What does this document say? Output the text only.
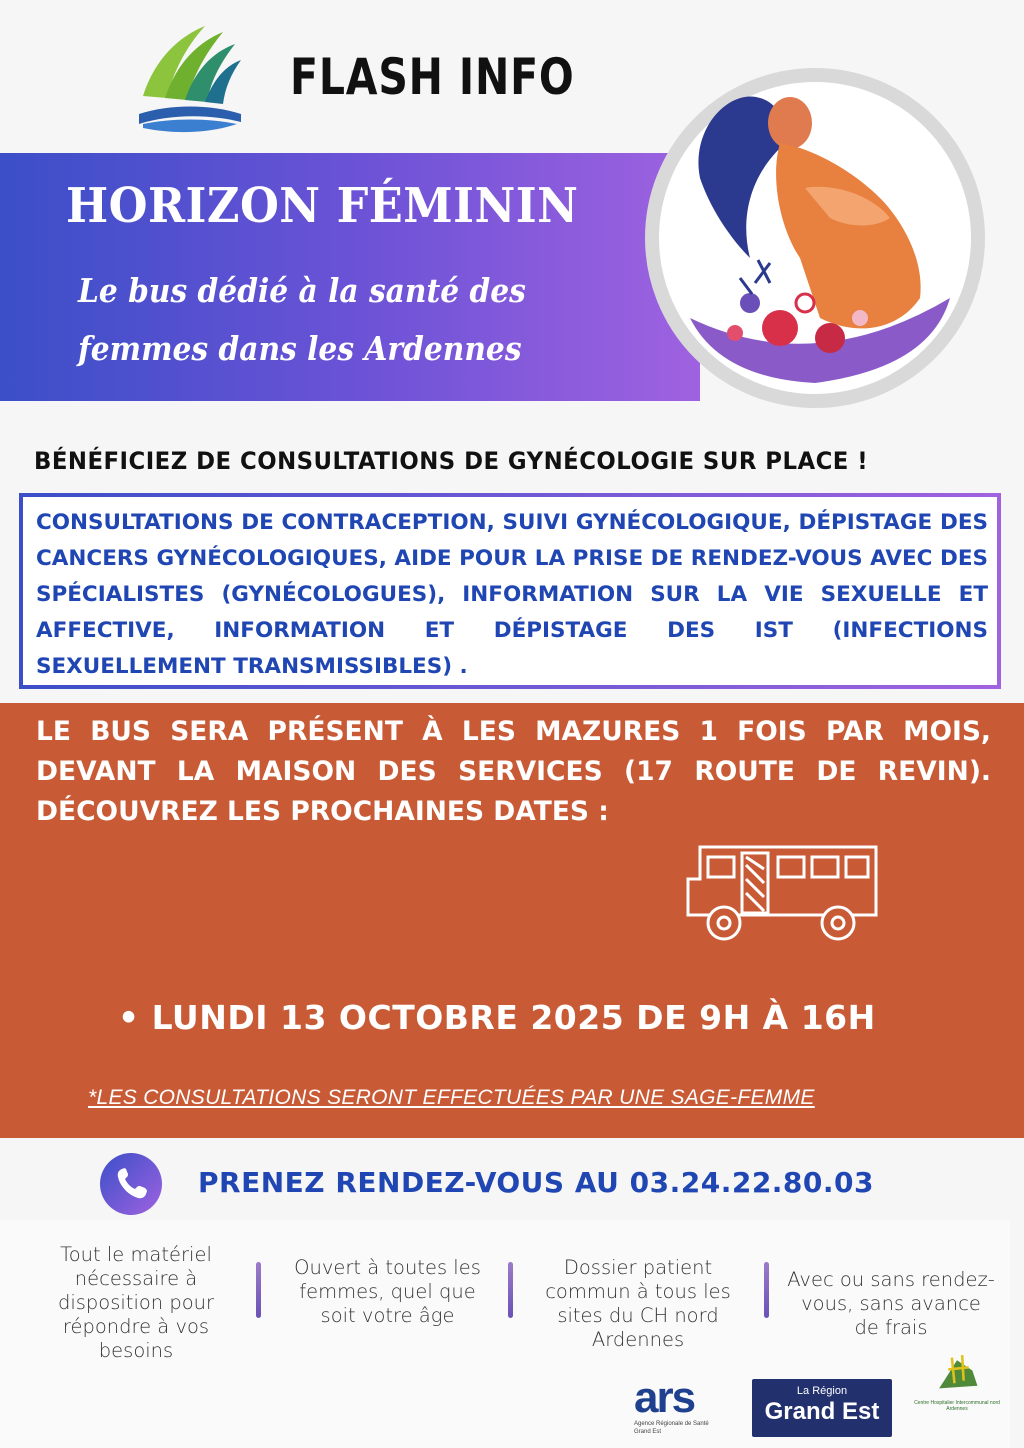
FLASH INFO
HORIZON FÉMININ
Le bus dédié à la santé des femmes dans les Ardennes
BÉNÉFICIEZ DE CONSULTATIONS DE GYNÉCOLOGIE SUR PLACE !
CONSULTATIONS DE CONTRACEPTION, SUIVI GYNÉCOLOGIQUE, DÉPISTAGE DES CANCERS GYNÉCOLOGIQUES, AIDE POUR LA PRISE DE RENDEZ-VOUS AVEC DES SPÉCIALISTES (GYNÉCOLOGUES), INFORMATION SUR LA VIE SEXUELLE ET AFFECTIVE, INFORMATION ET DÉPISTAGE DES IST (INFECTIONS SEXUELLEMENT TRANSMISSIBLES) .
LE BUS SERA PRÉSENT À LES MAZURES 1 FOIS PAR MOIS, DEVANT LA MAISON DES SERVICES (17 ROUTE DE REVIN). DÉCOUVREZ LES PROCHAINES DATES :
• LUNDI 13 OCTOBRE 2025 DE 9H À 16H
*LES CONSULTATIONS SERONT EFFECTUÉES PAR UNE SAGE-FEMME
PRENEZ RENDEZ-VOUS AU 03.24.22.80.03
Tout le matériel nécessaire à disposition pour répondre à vos besoins
Ouvert à toutes les femmes, quel que soit votre âge
Dossier patient commun à tous les sites du CH nord Ardennes
Avec ou sans rendez-vous, sans avance de frais
ars
Agence Régionale de Santé Grand Est
La Région
Grand Est	Centre Hospitalier Intercommunal nord Ardennes
